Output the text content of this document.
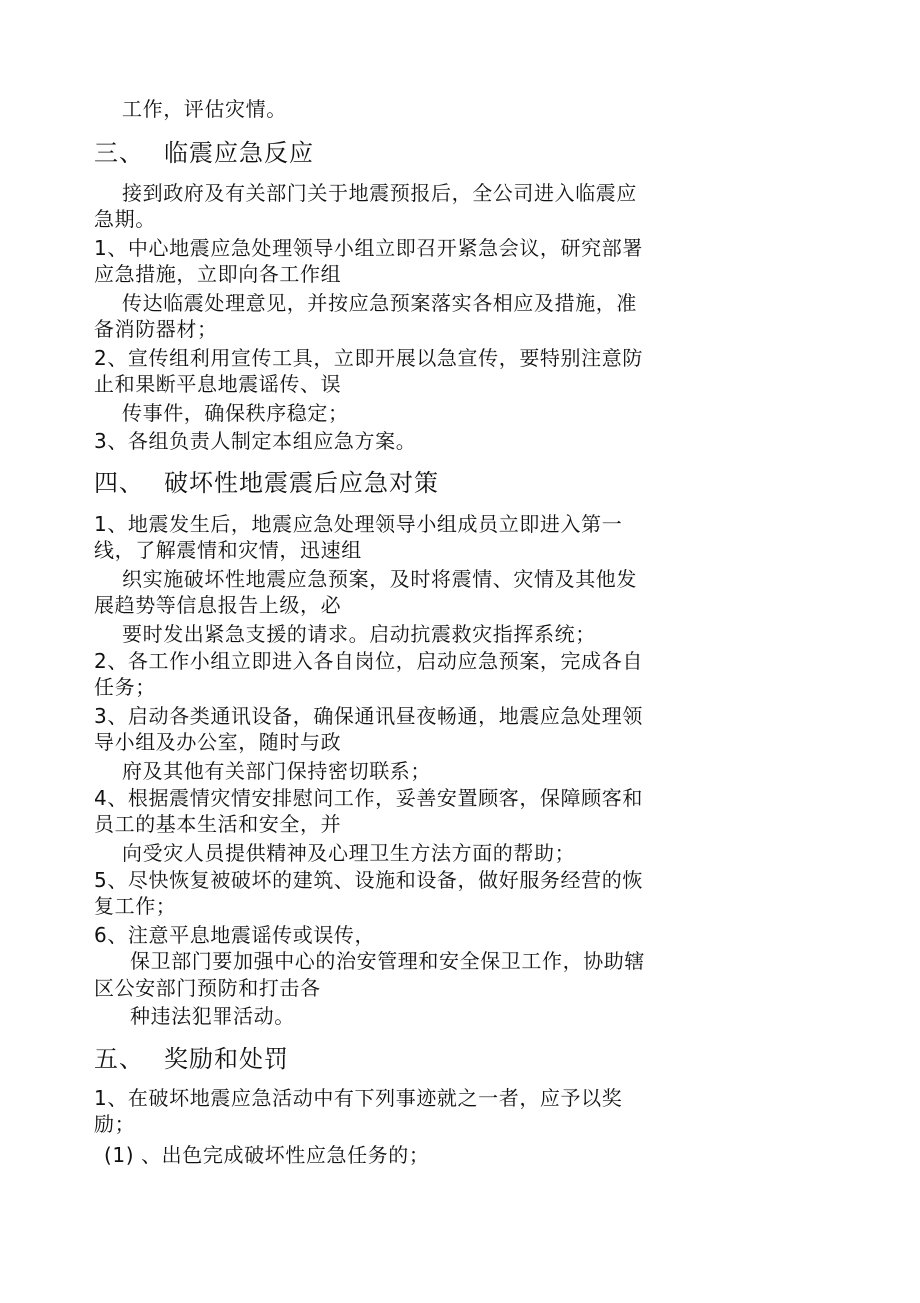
工作，评估灾情。
三、 临震应急反应
接到政府及有关部门关于地震预报后，全公司进入临震应
急期。
1、中心地震应急处理领导小组立即召开紧急会议，研究部署
应急措施，立即向各工作组
传达临震处理意见，并按应急预案落实各相应及措施，准
备消防器材；
2、宣传组利用宣传工具，立即开展以急宣传，要特别注意防
止和果断平息地震谣传、误
传事件，确保秩序稳定；
3、各组负责人制定本组应急方案。
四、 破坏性地震震后应急对策
1、地震发生后，地震应急处理领导小组成员立即进入第一
线，了解震情和灾情，迅速组
织实施破坏性地震应急预案，及时将震情、灾情及其他发
展趋势等信息报告上级，必
要时发出紧急支援的请求。启动抗震救灾指挥系统；
2、各工作小组立即进入各自岗位，启动应急预案，完成各自
任务；
3、启动各类通讯设备，确保通讯昼夜畅通，地震应急处理领
导小组及办公室，随时与政
府及其他有关部门保持密切联系；
4、根据震情灾情安排慰问工作，妥善安置顾客，保障顾客和
员工的基本生活和安全，并
向受灾人员提供精神及心理卫生方法方面的帮助；
5、尽快恢复被破坏的建筑、设施和设备，做好服务经营的恢
复工作；
6、注意平息地震谣传或误传，
保卫部门要加强中心的治安管理和安全保卫工作，协助辖
区公安部门预防和打击各
种违法犯罪活动。
五、 奖励和处罚
1、在破坏地震应急活动中有下列事迹就之一者，应予以奖
励；
(1) 、出色完成破坏性应急任务的；
